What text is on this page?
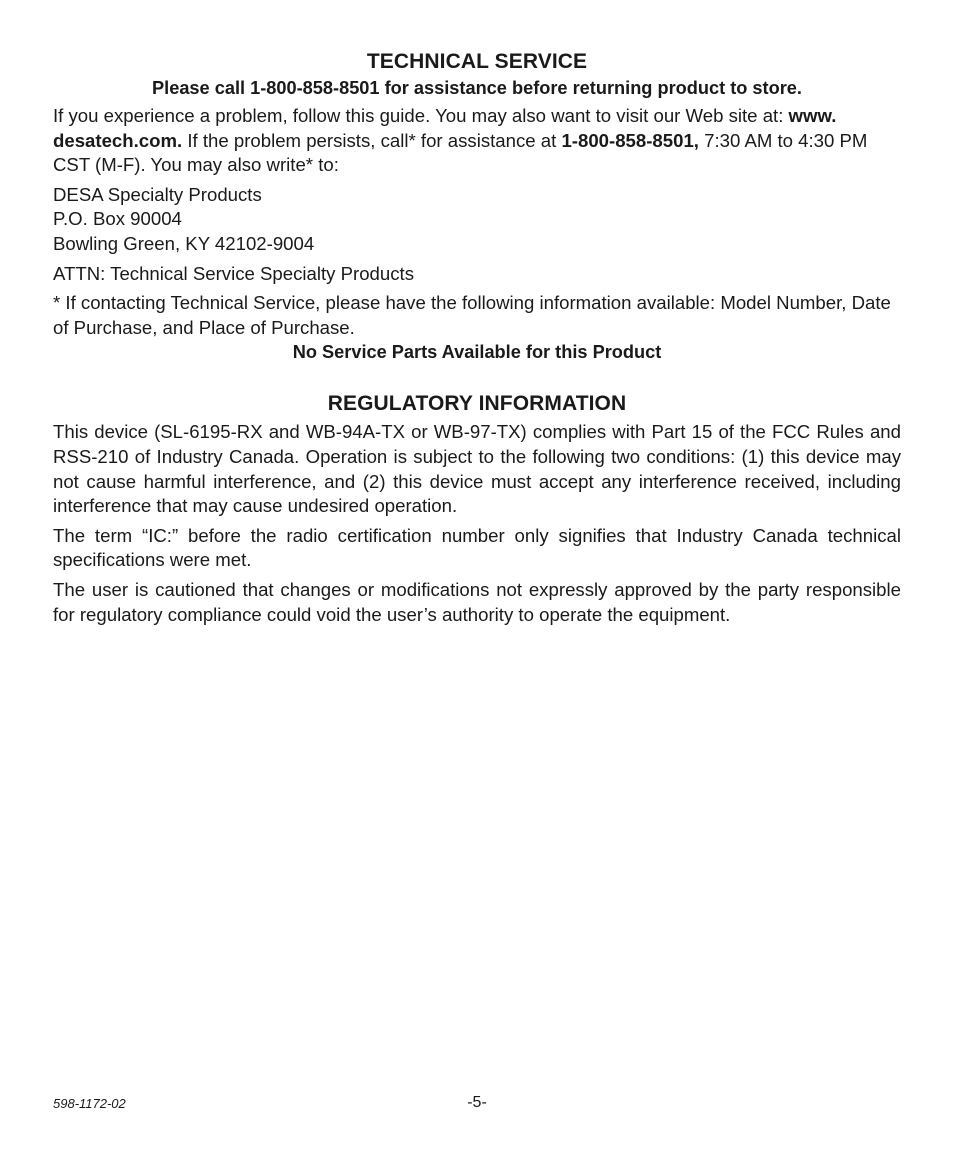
TECHNICAL SERVICE
Please call 1-800-858-8501 for assistance before returning product to store.

If you experience a problem, follow this guide. You may also want to visit our Web site at: www. desatech.com. If the problem persists, call* for assistance at 1-800-858-8501, 7:30 AM to 4:30 PM CST (M-F). You may also write* to:

DESA Specialty Products
P.O. Box 90004
Bowling Green, KY 42102-9004

ATTN: Technical Service Specialty Products

* If contacting Technical Service, please have the following information available: Model Number, Date of Purchase, and Place of Purchase.

No Service Parts Available for this Product
REGULATORY INFORMATION

This device (SL-6195-RX and WB-94A-TX or WB-97-TX) complies with Part 15 of the FCC Rules and RSS-210 of Industry Canada. Operation is subject to the following two conditions: (1) this device may not cause harmful interference, and (2) this device must accept any interference received, including interference that may cause undesired operation.

The term “IC:” before the radio certification number only signifies that Industry Canada technical specifications were met.

The user is cautioned that changes or modifications not expressly approved by the party responsible for regulatory compliance could void the user’s authority to operate the equipment.

598-1172-02	-5-
